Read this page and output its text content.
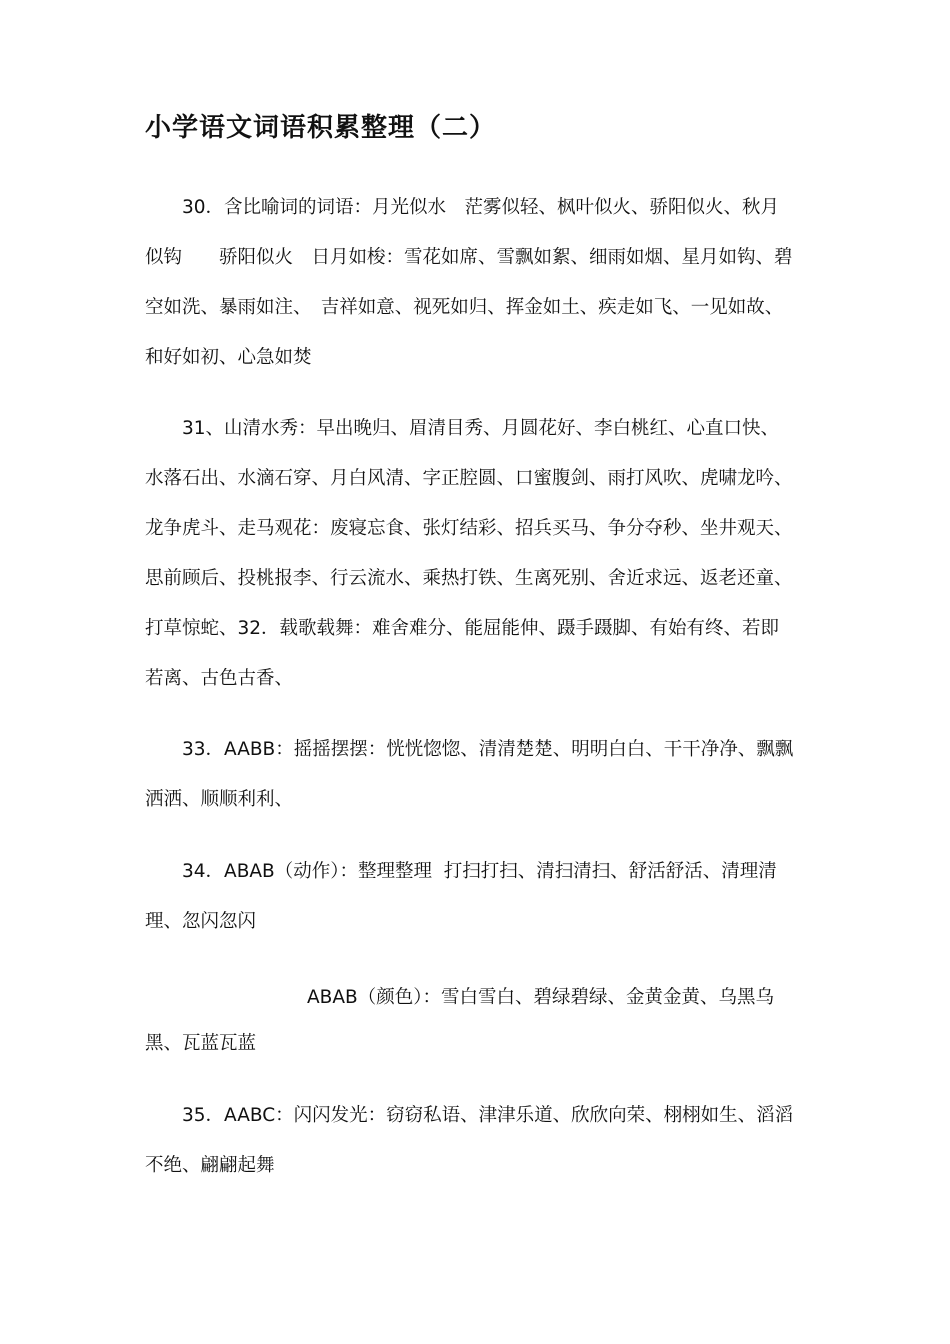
小学语文词语积累整理（二）
30．含比喻词的词语：月光似水　茫雾似轻、枫叶似火、骄阳似火、秋月
似钩　　骄阳似火　日月如梭：雪花如席、雪飘如絮、细雨如烟、星月如钩、碧
空如洗、暴雨如注、　吉祥如意、视死如归、挥金如土、疾走如飞、一见如故、
和好如初、心急如焚
31、山清水秀：早出晚归、眉清目秀、月圆花好、李白桃红、心直口快、
水落石出、水滴石穿、月白风清、字正腔圆、口蜜腹剑、雨打风吹、虎啸龙吟、
龙争虎斗、走马观花：废寝忘食、张灯结彩、招兵买马、争分夺秒、坐井观天、
思前顾后、投桃报李、行云流水、乘热打铁、生离死别、舍近求远、返老还童、
打草惊蛇、32．载歌载舞：难舍难分、能屈能伸、蹑手蹑脚、有始有终、若即
若离、古色古香、
33．AABB：摇摇摆摆：恍恍惚惚、清清楚楚、明明白白、干干净净、飘飘
洒洒、顺顺利利、
34．ABAB（动作）：整理整理  打扫打扫、清扫清扫、舒活舒活、清理清
理、忽闪忽闪
ABAB（颜色）：雪白雪白、碧绿碧绿、金黄金黄、乌黑乌
黑、瓦蓝瓦蓝
35．AABC：闪闪发光：窃窃私语、津津乐道、欣欣向荣、栩栩如生、滔滔
不绝、翩翩起舞
